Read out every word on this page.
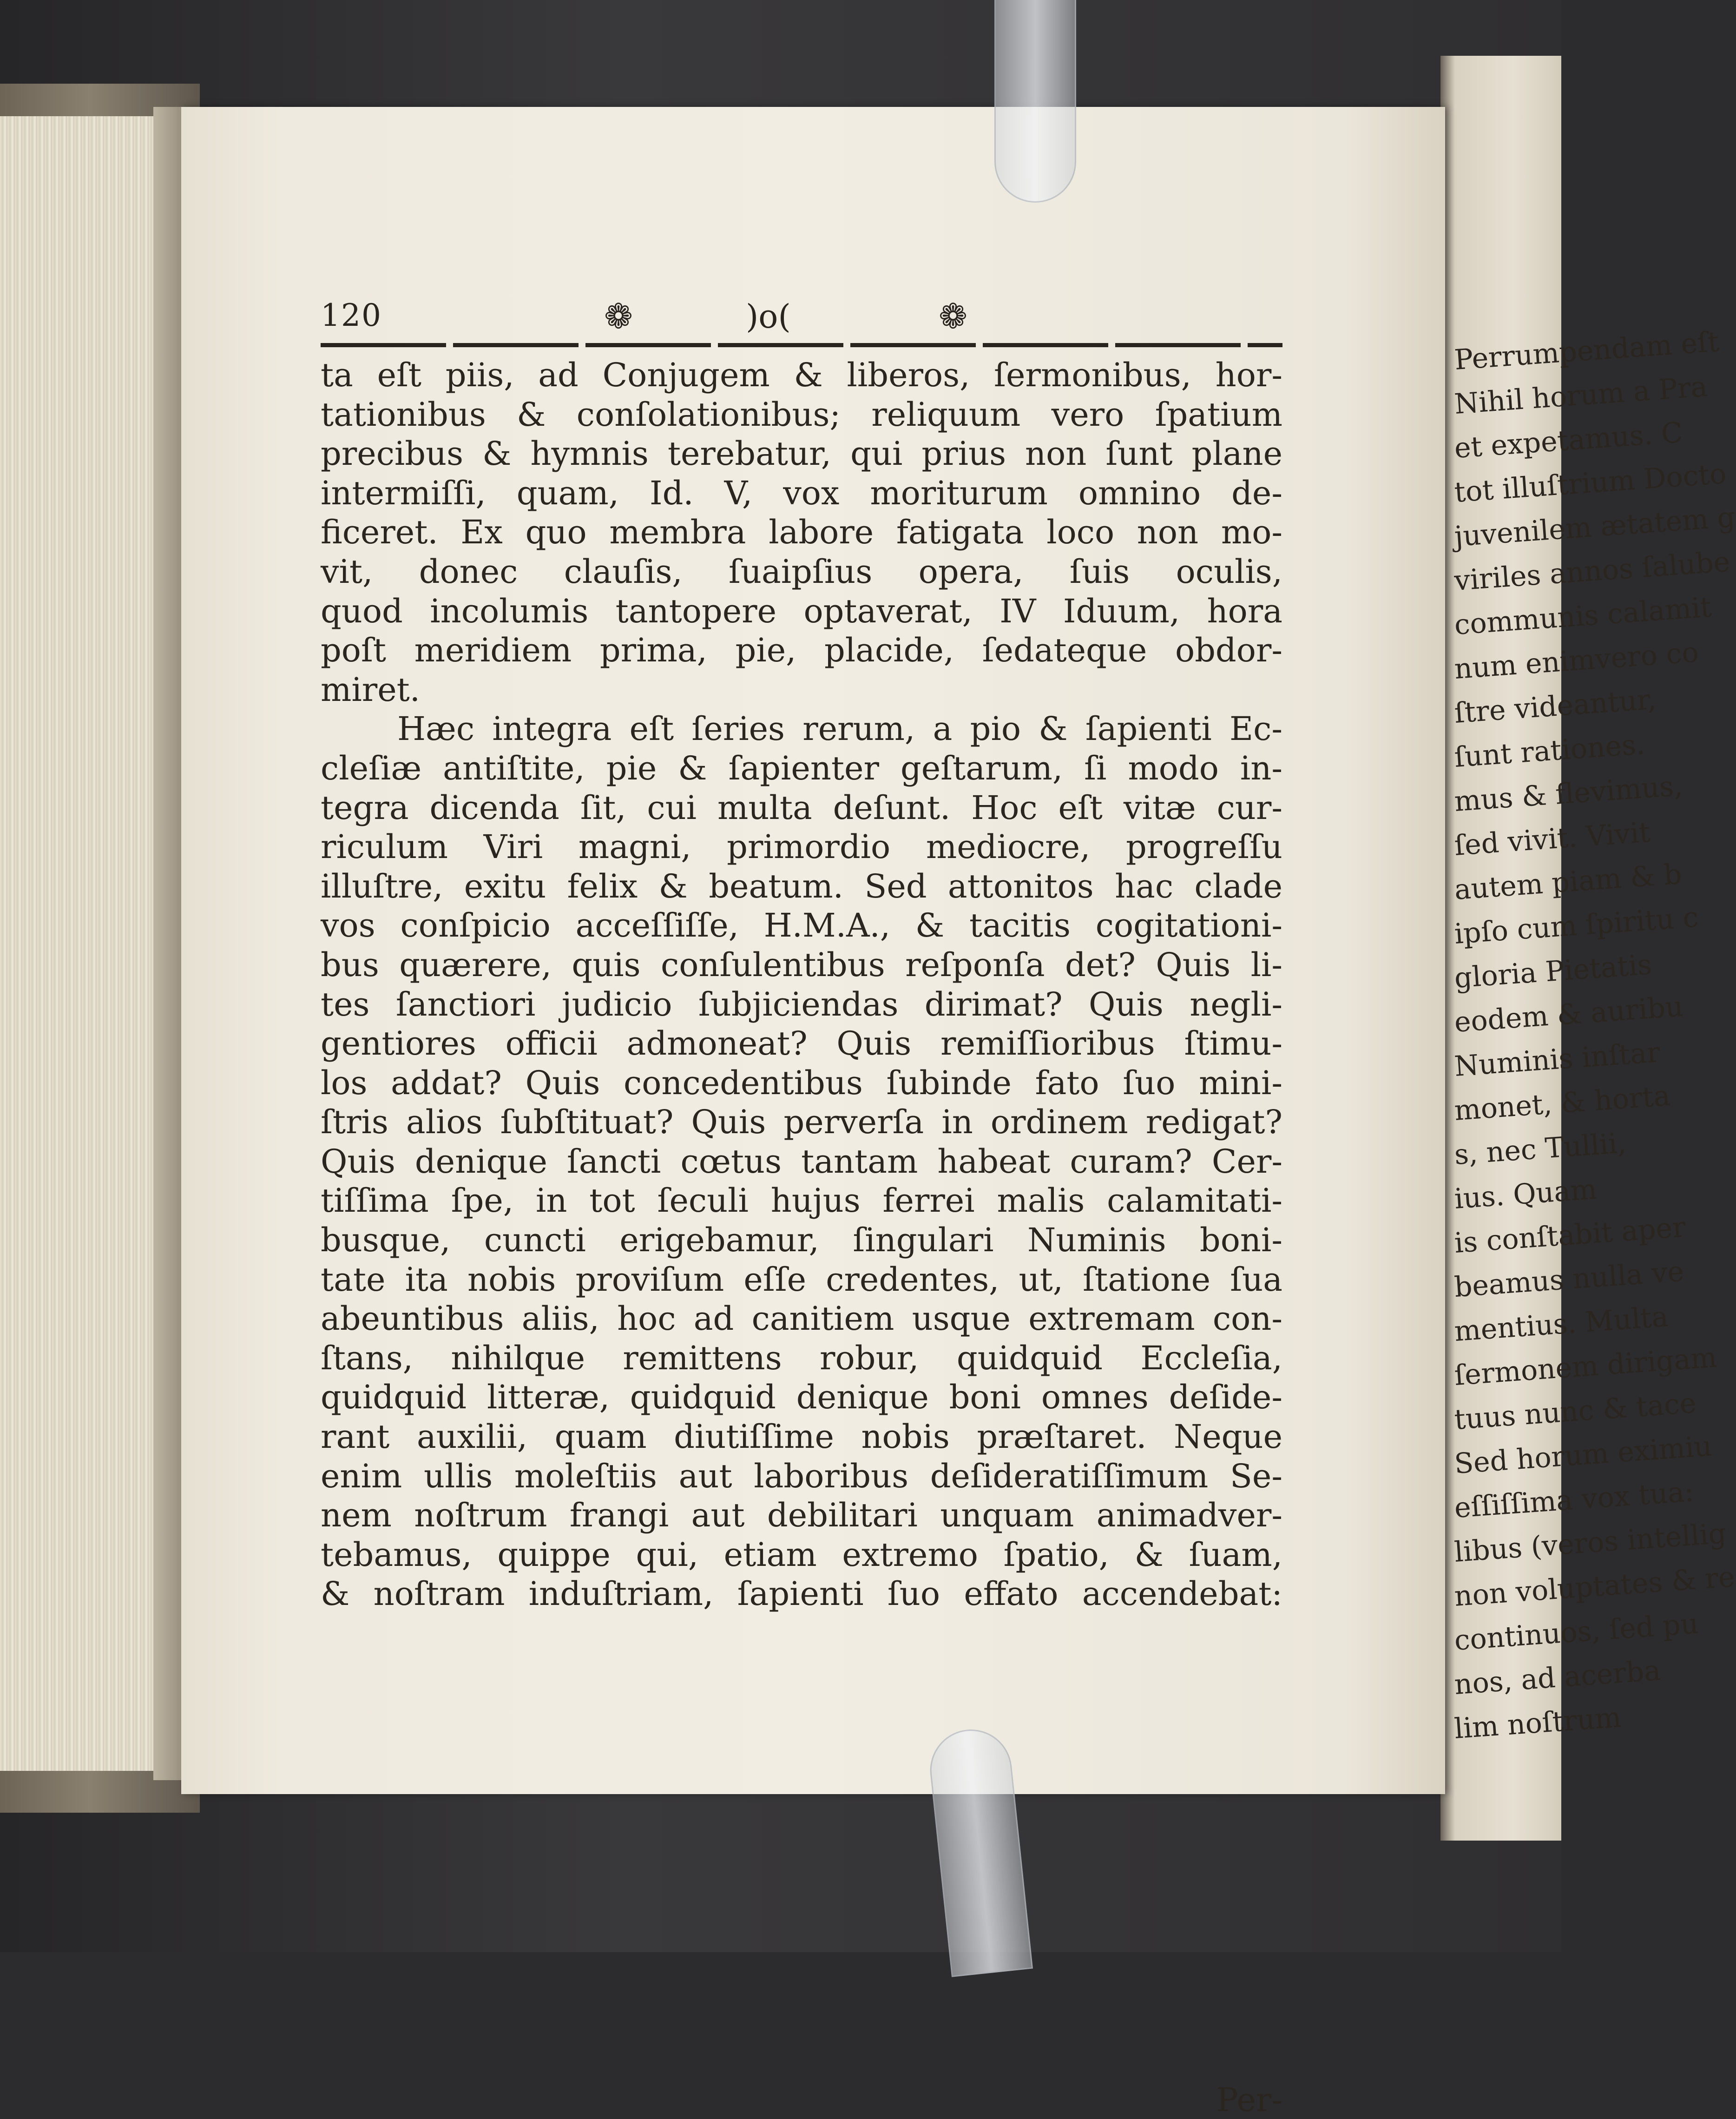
Perrumpendam eſt
Nihil horum a Pra
et expetamus. C
tot illuſtrium Docto
juvenilem ætatem g
viriles annos ſalube
communis calamit
num enimvero co
ſtre videantur,
ſunt rationes.
mus & flevimus,
ſed vivit. Vivit
autem piam & b
ipſo cum ſpiritu c
gloria Pietatis
eodem & auribu
Numinis inſtar
monet, & horta
s, nec Tullii,
ius. Quam
is conſtabit aper
beamus nulla ve
mentius. Multa
ſermonem dirigam
tuus nunc & tace
Sed horum eximiu
eſſiſſima vox tua:
libus (veros intellig
non voluptates & re
continuos, ſed pu
nos, ad acerba
lim noſtrum
120	❁	)o(	❁
ta eſt piis, ad Conjugem & liberos, ſermonibus, hor-
tationibus & conſolationibus; reliquum vero ſpatium
precibus & hymnis terebatur, qui prius non ſunt plane
intermiſſi, quam, Id. V, vox moriturum omnino de-
ficeret. Ex quo membra labore fatigata loco non mo-
vit, donec clauſis, ſuaipſius opera, ſuis oculis,
quod incolumis tantopere optaverat, IV Iduum, hora
poſt meridiem prima, pie, placide, ſedateque obdor-
miret.
Hæc integra eſt ſeries rerum, a pio & ſapienti Ec-
cleſiæ antiſtite, pie & ſapienter geſtarum, ſi modo in-
tegra dicenda ſit, cui multa deſunt. Hoc eſt vitæ cur-
riculum Viri magni, primordio mediocre, progreſſu
illuſtre, exitu felix & beatum. Sed attonitos hac clade
vos conſpicio acceſſiſſe, H.M.A., & tacitis cogitationi-
bus quærere, quis conſulentibus reſponſa det? Quis li-
tes ſanctiori judicio ſubjiciendas dirimat? Quis negli-
gentiores officii admoneat? Quis remiſſioribus ſtimu-
los addat? Quis concedentibus ſubinde fato ſuo mini-
ſtris alios ſubſtituat? Quis perverſa in ordinem redigat?
Quis denique ſancti cœtus tantam habeat curam? Cer-
tiſſima ſpe, in tot ſeculi hujus ferrei malis calamitati-
busque, cuncti erigebamur, ſingulari Numinis boni-
tate ita nobis proviſum eſſe credentes, ut, ſtatione ſua
abeuntibus aliis, hoc ad canitiem usque extremam con-
ſtans, nihilque remittens robur, quidquid Eccleſia,
quidquid litteræ, quidquid denique boni omnes deſide-
rant auxilii, quam diutiſſime nobis præſtaret. Neque
enim ullis moleſtiis aut laboribus deſideratiſſimum Se-
nem noſtrum frangi aut debilitari unquam animadver-
tebamus, quippe qui, etiam extremo ſpatio, & ſuam,
& noſtram induſtriam, ſapienti ſuo effato accendebat:
Per-
